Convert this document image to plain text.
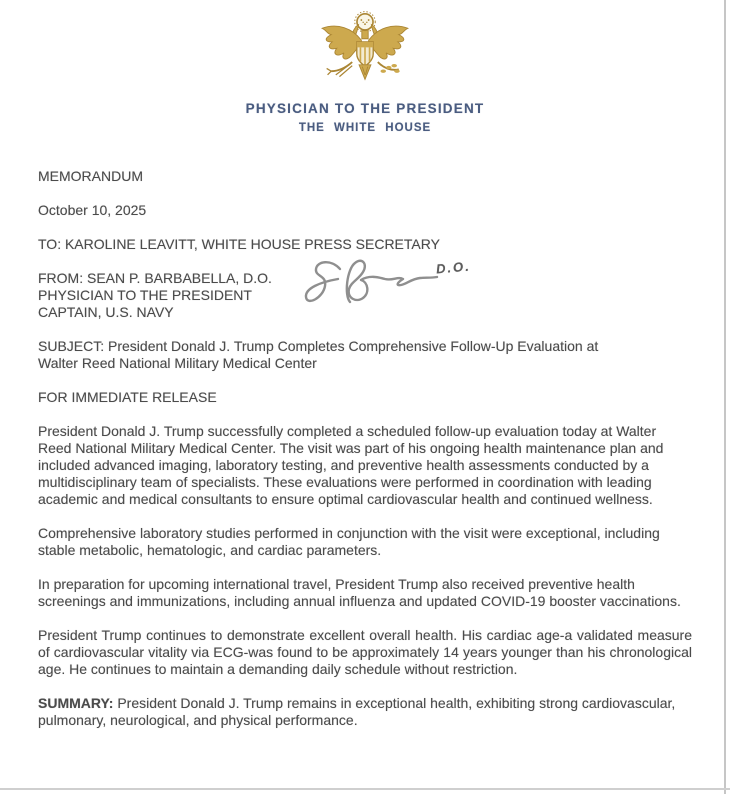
PHYSICIAN TO THE PRESIDENT
THE WHITE HOUSE

MEMORANDUM

October 10, 2025

TO: KAROLINE LEAVITT, WHITE HOUSE PRESS SECRETARY

FROM: SEAN P. BARBABELLA, D.O.

PHYSICIAN TO THE PRESIDENT

CAPTAIN, U.S. NAVY

D.O.

SUBJECT: President Donald J. Trump Completes Comprehensive Follow-Up Evaluation at
Walter Reed National Military Medical Center

FOR IMMEDIATE RELEASE

President Donald J. Trump successfully completed a scheduled follow-up evaluation today at Walter Reed National Military Medical Center. The visit was part of his ongoing health maintenance plan and included advanced imaging, laboratory testing, and preventive health assessments conducted by a multidisciplinary team of specialists. These evaluations were performed in coordination with leading academic and medical consultants to ensure optimal cardiovascular health and continued wellness.

Comprehensive laboratory studies performed in conjunction with the visit were exceptional, including stable metabolic, hematologic, and cardiac parameters.

In preparation for upcoming international travel, President Trump also received preventive health screenings and immunizations, including annual influenza and updated COVID-19 booster vaccinations.

President Trump continues to demonstrate excellent overall health. His cardiac age-a validated measure of cardiovascular vitality via ECG-was found to be approximately 14 years younger than his chronological age. He continues to maintain a demanding daily schedule without restriction.

SUMMARY: President Donald J. Trump remains in exceptional health, exhibiting strong cardiovascular, pulmonary, neurological, and physical performance.
